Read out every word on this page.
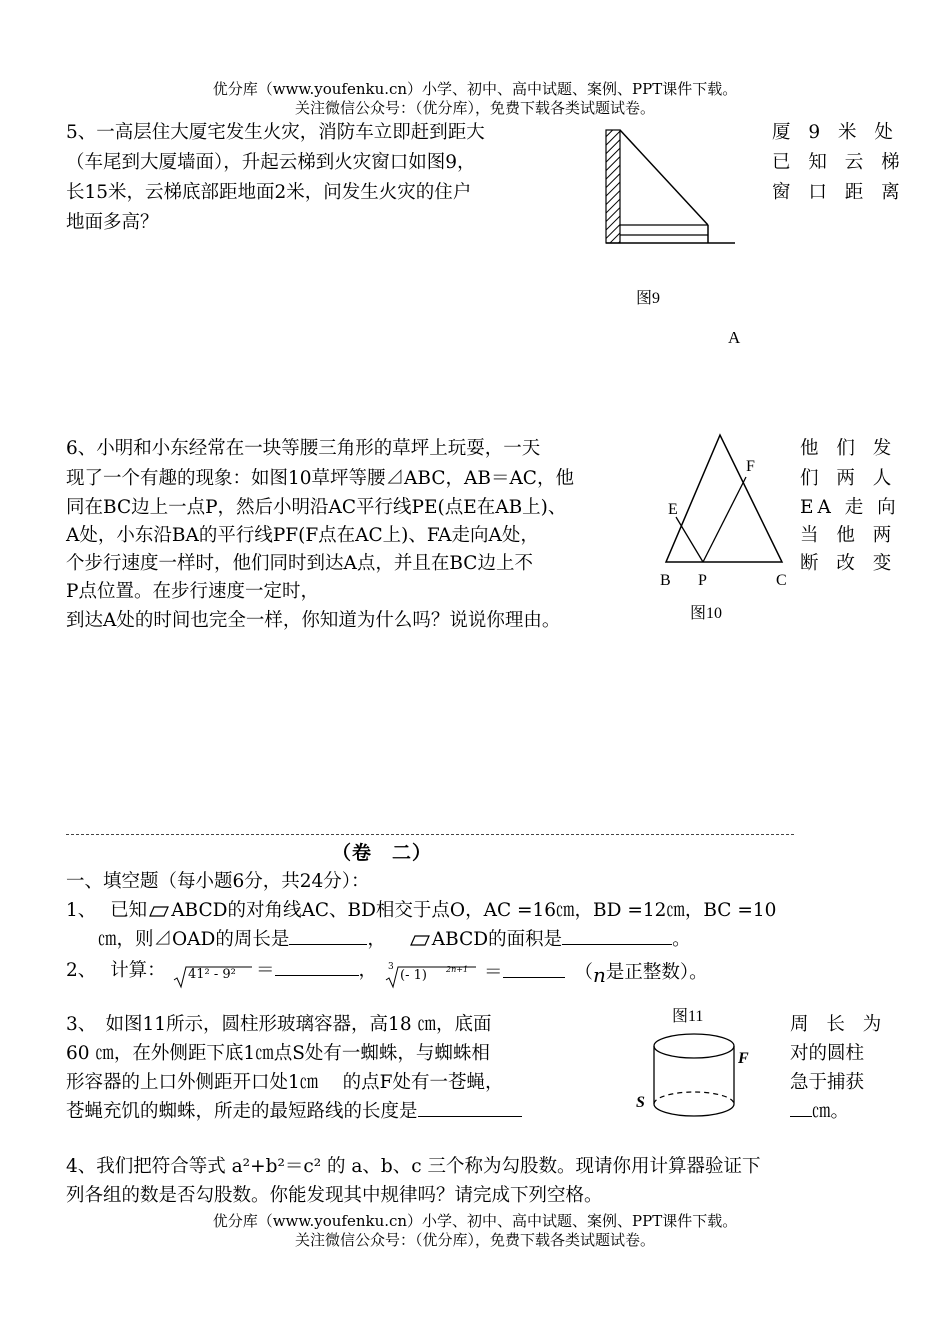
优分库（www.youfenku.cn）小学、初中、高中试题、案例、PPT课件下载。
关注微信公众号：（优分库），免费下载各类试题试卷。
5、一高层住大厦宅发生火灾，消防车立即赶到距大
（车尾到大厦墙面），升起云梯到火灾窗口如图9，
长15米，云梯底部距地面2米，问发生火灾的住户
地面多高？
厦 9 米 处
已 知 云 梯
窗 口 距 离
图9
A
6、小明和小东经常在一块等腰三角形的草坪上玩耍，一天
现了一个有趣的现象：如图10草坪等腰⊿ABC，AB＝AC，他
同在BC边上一点P，然后小明沿AC平行线PE(点E在AB上)、
A处，小东沿BA的平行线PF(F点在AC上)、FA走向A处，
个步行速度一样时，他们同时到达A点，并且在BC边上不
P点位置。在步行速度一定时，
到达A处的时间也完全一样，你知道为什么吗？说说你理由。
他 们 发
们 两 人
EA 走 向
当 他 两
断 改 变
F
E
B P	C
图10
（卷　二）
一、填空题（每小题6分，共24分）：
1、 已知 ABCD的对角线AC、BD相交于点O，AC =16㎝，BD =12㎝，BC =10
㎝，则⊿OAD的周长是	， ABCD的面积是	。
2、 计算： 41² - 9² ＝	， 3
(- 1) 2n+1 ＝	（n是正整数）。
图11
3、　如图11所示，圆柱形玻璃容器，高18 ㎝，底面
60 ㎝，在外侧距下底1㎝点S处有一蜘蛛，与蜘蛛相
形容器的上口外侧距开口处1㎝　 的点F处有一苍蝇，
苍蝇充饥的蜘蛛，所走的最短路线的长度是
周 长 为
对的圆柱
急于捕获
㎝。
F
S
4、我们把符合等式 a²+b²＝c² 的 a、b、c 三个称为勾股数。现请你用计算器验证下
列各组的数是否勾股数。你能发现其中规律吗？请完成下列空格。
优分库（www.youfenku.cn）小学、初中、高中试题、案例、PPT课件下载。
关注微信公众号：（优分库），免费下载各类试题试卷。
